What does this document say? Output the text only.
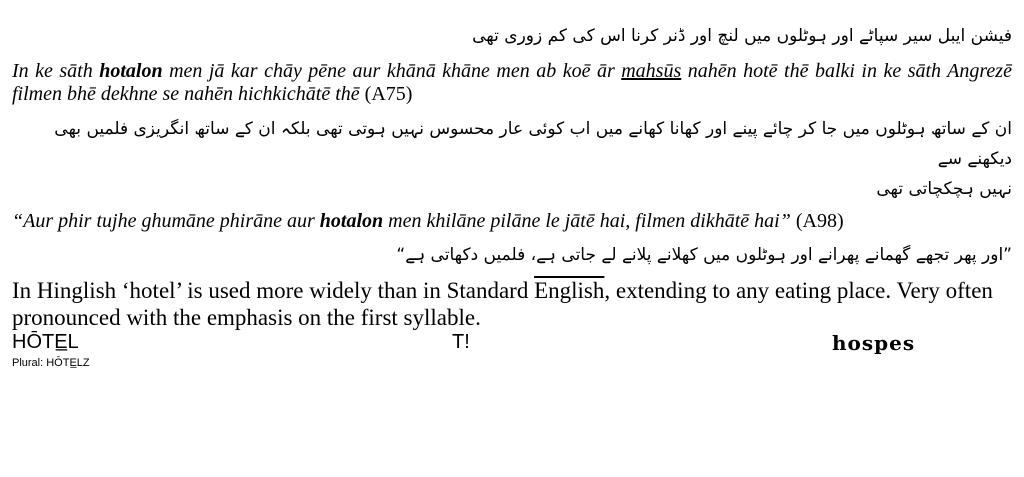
فیشن ایبل سیر سپاٹے اور ہوٹلوں میں لنچ اور ڈنر کرنا اس کی کم زوری تھی
In ke sāth hotalon men jā kar chāy pēne aur khānā khāne men ab koē ār mahsūs nahēn hotē thē balki in ke sāth Angrezē filmen bhē dekhne se nahēn hichkichātē thē (A75)
ان کے ساتھ ہوٹلوں میں جا کر چائے پینے اور کھانا کھانے میں اب کوئی عار محسوس نہیں ہوتی تھی بلکہ ان کے ساتھ انگریزی فلمیں بھی دیکھنے سے
نہیں ہچکچاتی تھی
“Aur phir tujhe ghumāne phirāne aur hotalon men khilāne pilāne le jātē hai, filmen dikhātē hai” (A98)
”اور پھر تجھے گھمانے پھرانے اور ہوٹلوں میں کھلانے پلانے لے جاتی ہے، فلمیں دکھاتی ہے“
In Hinglish ‘hotel’ is used more widely than in Standard English, extending to any eating place. Very often pronounced with the emphasis on the first syllable.
HŌTE̲L	T!	hospes
Plural: HŌTE̲LZ
